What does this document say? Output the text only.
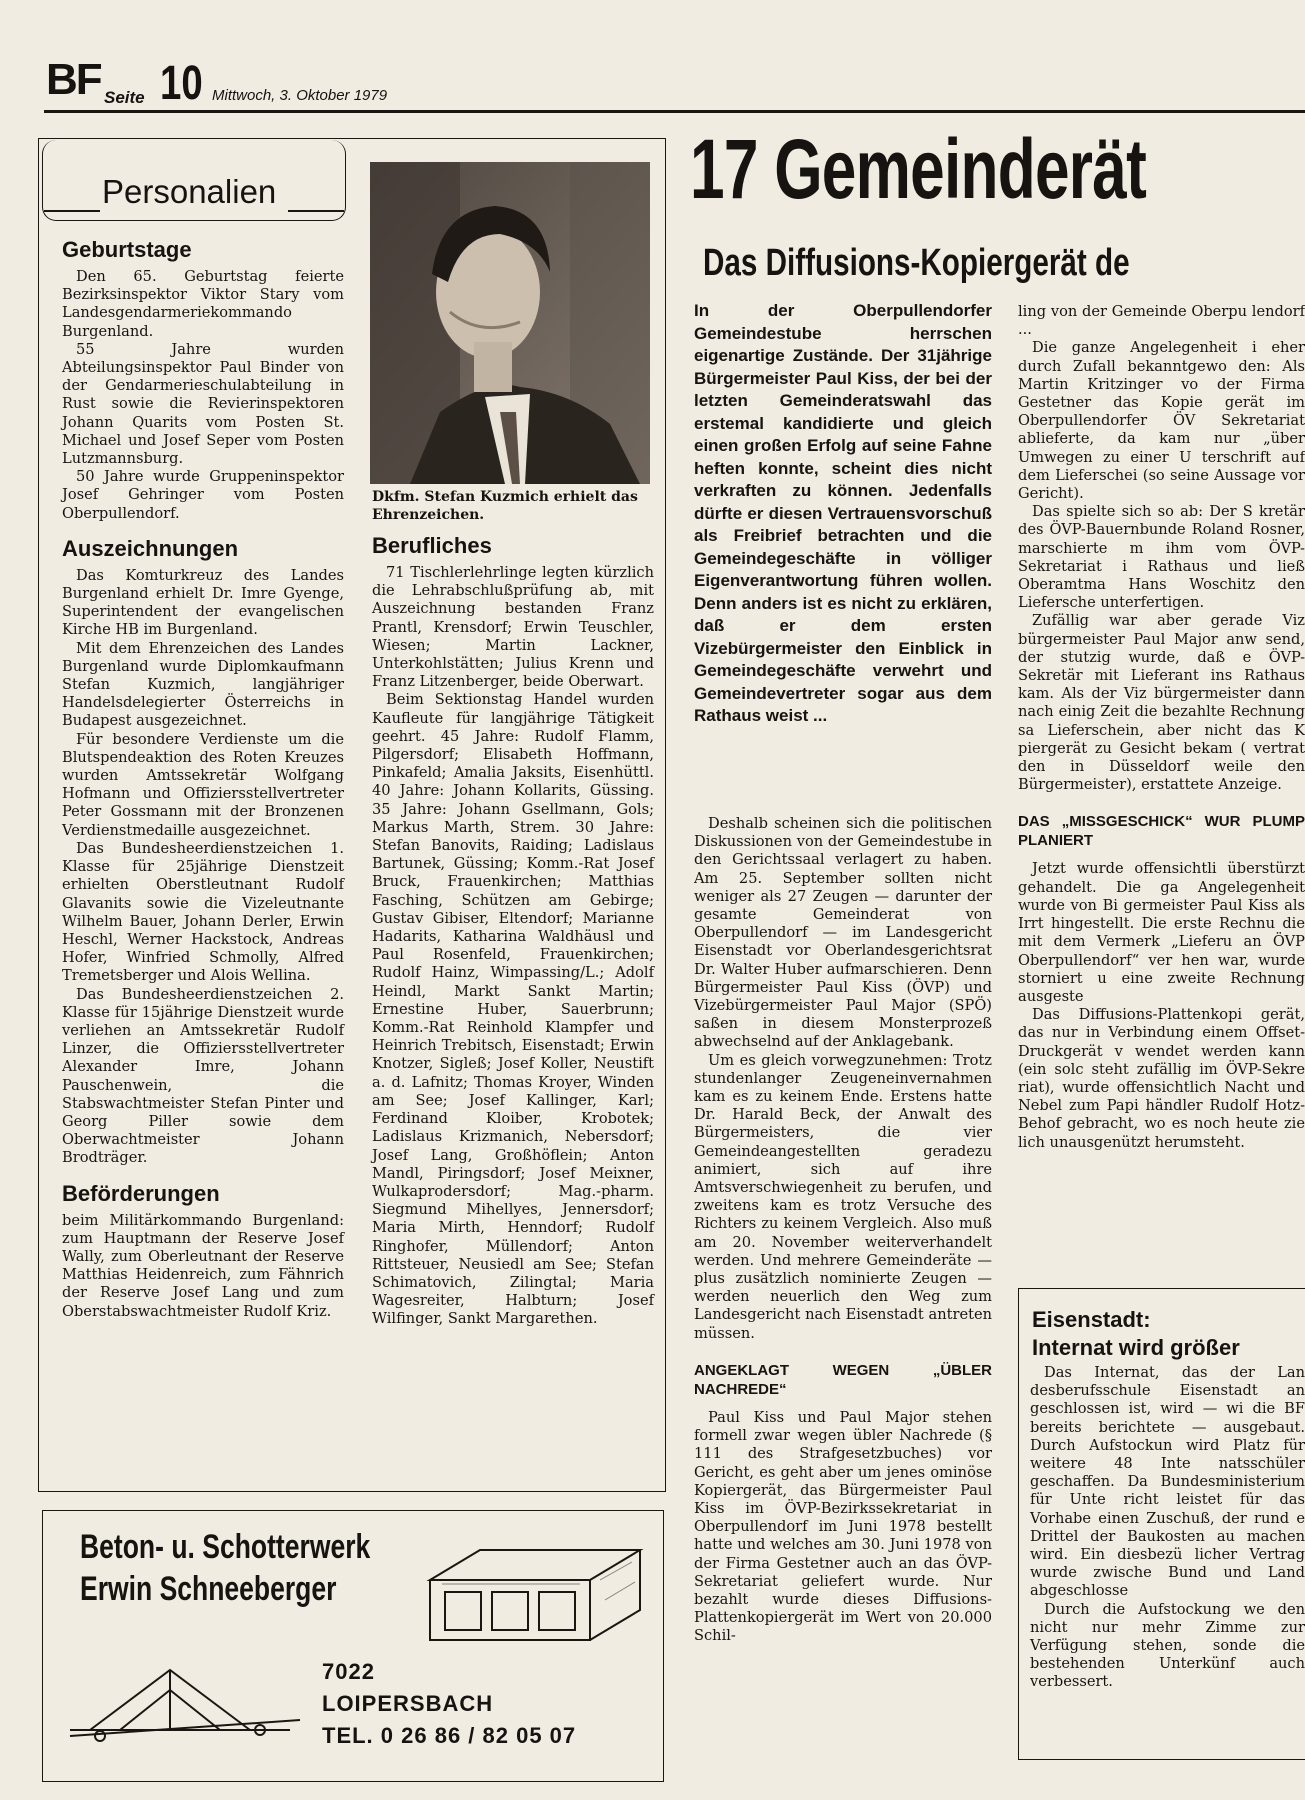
BF Seite 10 Mittwoch, 3. Oktober 1979
Personalien
Geburtstage

Den 65. Geburtstag feierte Bezirksinspektor Viktor Stary vom Landesgendarmeriekommando Burgenland.

55 Jahre wurden Abteilungsinspektor Paul Binder von der Gendarmerieschulabteilung in Rust sowie die Revierinspektoren Johann Quarits vom Posten St. Michael und Josef Seper vom Posten Lutzmannsburg.

50 Jahre wurde Gruppeninspektor Josef Gehringer vom Posten Oberpullendorf.

Auszeichnungen

Das Komturkreuz des Landes Burgenland erhielt Dr. Imre Gyenge, Superintendent der evangelischen Kirche HB im Burgenland.

Mit dem Ehrenzeichen des Landes Burgenland wurde Diplomkaufmann Stefan Kuzmich, langjähriger Handelsdelegierter Österreichs in Budapest ausgezeichnet.

Für besondere Verdienste um die Blutspendeaktion des Roten Kreuzes wurden Amtssekretär Wolfgang Hofmann und Offiziersstellvertreter Peter Gossmann mit der Bronzenen Verdienstmedaille ausgezeichnet.

Das Bundesheerdienstzeichen 1. Klasse für 25jährige Dienstzeit erhielten Oberstleutnant Rudolf Glavanits sowie die Vizeleutnante Wilhelm Bauer, Johann Derler, Erwin Heschl, Werner Hackstock, Andreas Hofer, Winfried Schmolly, Alfred Tremetsberger und Alois Wellina.

Das Bundesheerdienstzeichen 2. Klasse für 15jährige Dienstzeit wurde verliehen an Amtssekretär Rudolf Linzer, die Offiziersstellvertreter Alexander Imre, Johann Pauschenwein, die Stabswachtmeister Stefan Pinter und Georg Piller sowie dem Oberwachtmeister Johann Brodträger.

Beförderungen

beim Militärkommando Burgenland: zum Hauptmann der Reserve Josef Wally, zum Oberleutnant der Reserve Matthias Heidenreich, zum Fähnrich der Reserve Josef Lang und zum Oberstabswachtmeister Rudolf Kriz.

Dkfm. Stefan Kuzmich erhielt das Ehrenzeichen.
Berufliches

71 Tischlerlehrlinge legten kürzlich die Lehrabschlußprüfung ab, mit Auszeichnung bestanden Franz Prantl, Krensdorf; Erwin Teuschler, Wiesen; Martin Lackner, Unterkohlstätten; Julius Krenn und Franz Litzenberger, beide Oberwart.

Beim Sektionstag Handel wurden Kaufleute für langjährige Tätigkeit geehrt. 45 Jahre: Rudolf Flamm, Pilgersdorf; Elisabeth Hoffmann, Pinkafeld; Amalia Jaksits, Eisenhüttl. 40 Jahre: Johann Kollarits, Güssing. 35 Jahre: Johann Gsellmann, Gols; Markus Marth, Strem. 30 Jahre: Stefan Banovits, Raiding; Ladislaus Bartunek, Güssing; Komm.-Rat Josef Bruck, Frauenkirchen; Matthias Fasching, Schützen am Gebirge; Gustav Gibiser, Eltendorf; Marianne Hadarits, Katharina Waldhäusl und Paul Rosenfeld, Frauenkirchen; Rudolf Hainz, Wimpassing/L.; Adolf Heindl, Markt Sankt Martin; Ernestine Huber, Sauerbrunn; Komm.-Rat Reinhold Klampfer und Heinrich Trebitsch, Eisenstadt; Erwin Knotzer, Sigleß; Josef Koller, Neustift a. d. Lafnitz; Thomas Kroyer, Winden am See; Josef Kallinger, Karl; Ferdinand Kloiber, Krobotek; Ladislaus Krizmanich, Nebersdorf; Josef Lang, Großhöflein; Anton Mandl, Piringsdorf; Josef Meixner, Wulkaprodersdorf; Mag.-pharm. Siegmund Mihellyes, Jennersdorf; Maria Mirth, Henndorf; Rudolf Ringhofer, Müllendorf; Anton Rittsteuer, Neusiedl am See; Stefan Schimatovich, Zilingtal; Maria Wagesreiter, Halbturn; Josef Wilfinger, Sankt Margarethen.

17 Gemeinderät
Das Diffusions-Kopiergerät de
In der Oberpullendorfer Gemeindestube herrschen eigenartige Zustände. Der 31jährige Bürgermeister Paul Kiss, der bei der letzten Gemeinderatswahl das erstemal kandidierte und gleich einen großen Erfolg auf seine Fahne heften konnte, scheint dies nicht verkraften zu können. Jedenfalls dürfte er diesen Vertrauensvorschuß als Freibrief betrachten und die Gemeindegeschäfte in völliger Eigenverantwortung führen wollen. Denn anders ist es nicht zu erklären, daß er dem ersten Vizebürgermeister den Einblick in Gemeindegeschäfte verwehrt und Gemeindevertreter sogar aus dem Rathaus weist ...

Deshalb scheinen sich die politischen Diskussionen von der Gemeindestube in den Gerichtssaal verlagert zu haben. Am 25. September sollten nicht weniger als 27 Zeugen — darunter der gesamte Gemeinderat von Oberpullendorf — im Landesgericht Eisenstadt vor Oberlandesgerichtsrat Dr. Walter Huber aufmarschieren. Denn Bürgermeister Paul Kiss (ÖVP) und Vizebürgermeister Paul Major (SPÖ) saßen in diesem Monsterprozeß abwechselnd auf der Anklagebank.

Um es gleich vorwegzunehmen: Trotz stundenlanger Zeugeneinvernahmen kam es zu keinem Ende. Erstens hatte Dr. Harald Beck, der Anwalt des Bürgermeisters, die vier Gemeindeangestellten geradezu animiert, sich auf ihre Amtsverschwiegenheit zu berufen, und zweitens kam es trotz Versuche des Richters zu keinem Vergleich. Also muß am 20. November weiterverhandelt werden. Und mehrere Gemeinderäte — plus zusätzlich nominierte Zeugen — werden neuerlich den Weg zum Landesgericht nach Eisenstadt antreten müssen.

ANGEKLAGT WEGEN „ÜBLER NACHREDE“

Paul Kiss und Paul Major stehen formell zwar wegen übler Nachrede (§ 111 des Strafgesetzbuches) vor Gericht, es geht aber um jenes ominöse Kopiergerät, das Bürgermeister Paul Kiss im ÖVP-Bezirkssekretariat in Oberpullendorf im Juni 1978 bestellt hatte und welches am 30. Juni 1978 von der Firma Gestetner auch an das ÖVP-Sekretariat geliefert wurde. Nur bezahlt wurde dieses Diffusions-Plattenkopiergerät im Wert von 20.000 Schil-

ling von der Gemeinde Oberpu lendorf ...

Die ganze Angelegenheit i eher durch Zufall bekanntgewo den: Als Martin Kritzinger vo der Firma Gestetner das Kopie gerät im Oberpullendorfer ÖV Sekretariat ablieferte, da kam nur „über Umwegen zu einer U terschrift auf dem Lieferschei (so seine Aussage vor Gericht).

Das spielte sich so ab: Der S kretär des ÖVP-Bauernbunde Roland Rosner, marschierte m ihm vom ÖVP-Sekretariat i Rathaus und ließ Oberamtma Hans Woschitz den Liefersche unterfertigen.

Zufällig war aber gerade Viz bürgermeister Paul Major anw send, der stutzig wurde, daß e ÖVP-Sekretär mit Lieferant ins Rathaus kam. Als der Viz bürgermeister dann nach einig Zeit die bezahlte Rechnung sa Lieferschein, aber nicht das K piergerät zu Gesicht bekam ( vertrat den in Düsseldorf weile den Bürgermeister), erstattete Anzeige.

DAS „MISSGESCHICK“ WUR PLUMP PLANIERT

Jetzt wurde offensichtli überstürzt gehandelt. Die ga Angelegenheit wurde von Bi germeister Paul Kiss als Irrt hingestellt. Die erste Rechnu die mit dem Vermerk „Lieferu an ÖVP Oberpullendorf“ ver hen war, wurde storniert u eine zweite Rechnung ausgeste

Das Diffusions-Plattenkopi gerät, das nur in Verbindung einem Offset-Druckgerät v wendet werden kann (ein solc steht zufällig im ÖVP-Sekre riat), wurde offensichtlich Nacht und Nebel zum Papi händler Rudolf Hotz-Behof gebracht, wo es noch heute zie lich unausgenützt herumsteht.

Eisenstadt:
Internat wird größer

Das Internat, das der Lan desberufsschule Eisenstadt an geschlossen ist, wird — wi die BF bereits berichtete — ausgebaut. Durch Aufstockun wird Platz für weitere 48 Inte natsschüler geschaffen. Da Bundesministerium für Unte richt leistet für das Vorhabe einen Zuschuß, der rund e Drittel der Baukosten au machen wird. Ein diesbezü licher Vertrag wurde zwische Bund und Land abgeschlosse

Durch die Aufstockung we den nicht nur mehr Zimme zur Verfügung stehen, sonde die bestehenden Unterkünf auch verbessert.

Beton- u. Schotterwerk
Erwin Schneeberger
7022
LOIPERSBACH
TEL. 0 26 86 / 82 05 07
